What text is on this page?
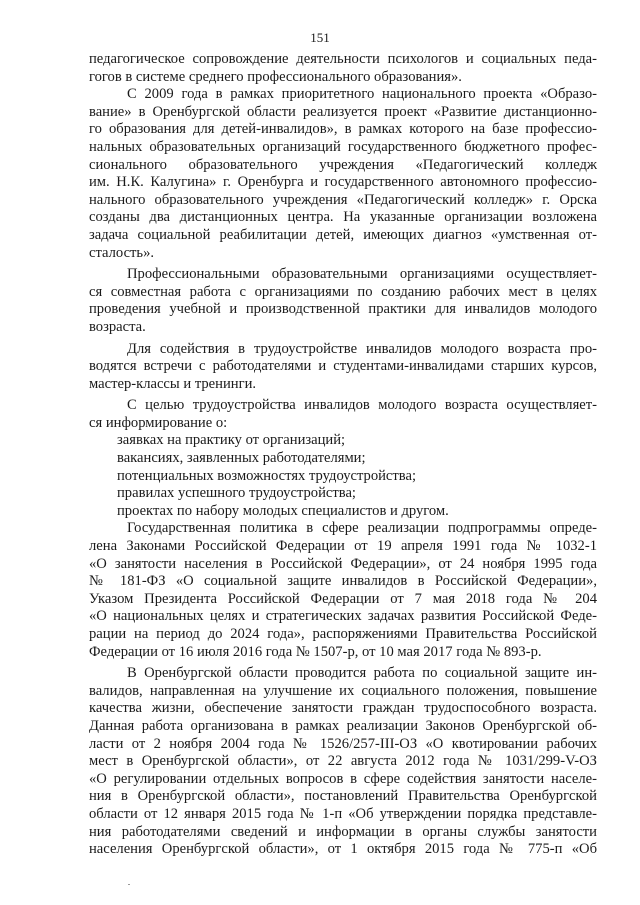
151
педагогическое сопровождение деятельности психологов и социальных педа-
гогов в системе среднего профессионального образования».
С 2009 года в рамках приоритетного национального проекта «Образо-
вание» в Оренбургской области реализуется проект «Развитие дистанционно-
го образования для детей-инвалидов», в рамках которого на базе профессио-
нальных образовательных организаций государственного бюджетного профес-
сионального образовательного учреждения «Педагогический колледж
им. Н.К. Калугина» г. Оренбурга и государственного автономного профессио-
нального образовательного учреждения «Педагогический колледж» г. Орска
созданы два дистанционных центра. На указанные организации возложена
задача социальной реабилитации детей, имеющих диагноз «умственная от-
сталость».
Профессиональными образовательными организациями осуществляет-
ся совместная работа с организациями по созданию рабочих мест в целях
проведения учебной и производственной практики для инвалидов молодого
возраста.
Для содействия в трудоустройстве инвалидов молодого возраста про-
водятся встречи с работодателями и студентами-инвалидами старших курсов,
мастер-классы и тренинги.
С целью трудоустройства инвалидов молодого возраста осуществляет-
ся информирование о:
заявках на практику от организаций;
вакансиях, заявленных работодателями;
потенциальных возможностях трудоустройства;
правилах успешного трудоустройства;
проектах по набору молодых специалистов и другом.
Государственная политика в сфере реализации подпрограммы опреде-
лена Законами Российской Федерации от 19 апреля 1991 года № 1032-1
«О занятости населения в Российской Федерации», от 24 ноября 1995 года
№ 181-ФЗ «О социальной защите инвалидов в Российской Федерации»,
Указом Президента Российской Федерации от 7 мая 2018 года № 204
«О национальных целях и стратегических задачах развития Российской Феде-
рации на период до 2024 года», распоряжениями Правительства Российской
Федерации от 16 июля 2016 года № 1507-р, от 10 мая 2017 года № 893-р.
В Оренбургской области проводится работа по социальной защите ин-
валидов, направленная на улучшение их социального положения, повышение
качества жизни, обеспечение занятости граждан трудоспособного возраста.
Данная работа организована в рамках реализации Законов Оренбургской об-
ласти от 2 ноября 2004 года № 1526/257-III-ОЗ «О квотировании рабочих
мест в Оренбургской области», от 22 августа 2012 года № 1031/299-V-ОЗ
«О регулировании отдельных вопросов в сфере содействия занятости населе-
ния в Оренбургской области», постановлений Правительства Оренбургской
области от 12 января 2015 года № 1-п «Об утверждении порядка представле-
ния работодателями сведений и информации в органы службы занятости
населения Оренбургской области», от 1 октября 2015 года № 775-п «Об
